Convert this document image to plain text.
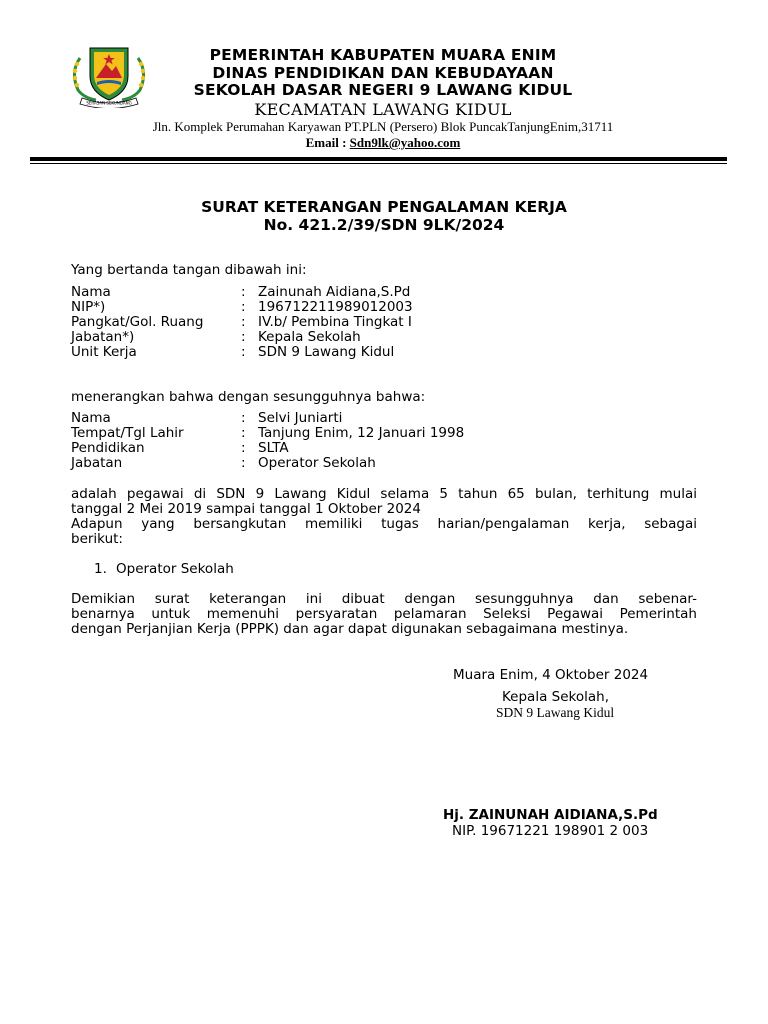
SERASAN SEKUNDANG
PEMERINTAH KABUPATEN MUARA ENIM
DINAS PENDIDIKAN DAN KEBUDAYAAN
SEKOLAH DASAR NEGERI 9 LAWANG KIDUL
KECAMATAN LAWANG KIDUL
Jln. Komplek Perumahan Karyawan PT.PLN (Persero) Blok PuncakTanjungEnim,31711
Email : Sdn9lk@yahoo.com
SURAT KETERANGAN PENGALAMAN KERJA
No. 421.2/39/SDN 9LK/2024
Yang bertanda tangan dibawah ini:
Nama	: Zainunah Aidiana,S.Pd
NIP*)	: 196712211989012003
Pangkat/Gol. Ruang	: IV.b/ Pembina Tingkat I
Jabatan*)	: Kepala Sekolah
Unit Kerja	: SDN 9 Lawang Kidul
menerangkan bahwa dengan sesungguhnya bahwa:
Nama	: Selvi Juniarti
Tempat/Tgl Lahir	: Tanjung Enim, 12 Januari 1998
Pendidikan	: SLTA
Jabatan	: Operator Sekolah
adalah pegawai di SDN 9 Lawang Kidul selama 5 tahun 65 bulan, terhitung mulai
tanggal 2 Mei 2019 sampai tanggal 1 Oktober 2024
Adapun yang bersangkutan memiliki tugas harian/pengalaman kerja, sebagai
berikut:
1. Operator Sekolah
Demikian surat keterangan ini dibuat dengan sesungguhnya dan sebenar-
benarnya untuk memenuhi persyaratan pelamaran Seleksi Pegawai Pemerintah
dengan Perjanjian Kerja (PPPK) dan agar dapat digunakan sebagaimana mestinya.
Muara Enim, 4 Oktober 2024
Kepala Sekolah,
SDN 9 Lawang Kidul
Hj. ZAINUNAH AIDIANA,S.Pd
NIP. 19671221 198901 2 003
